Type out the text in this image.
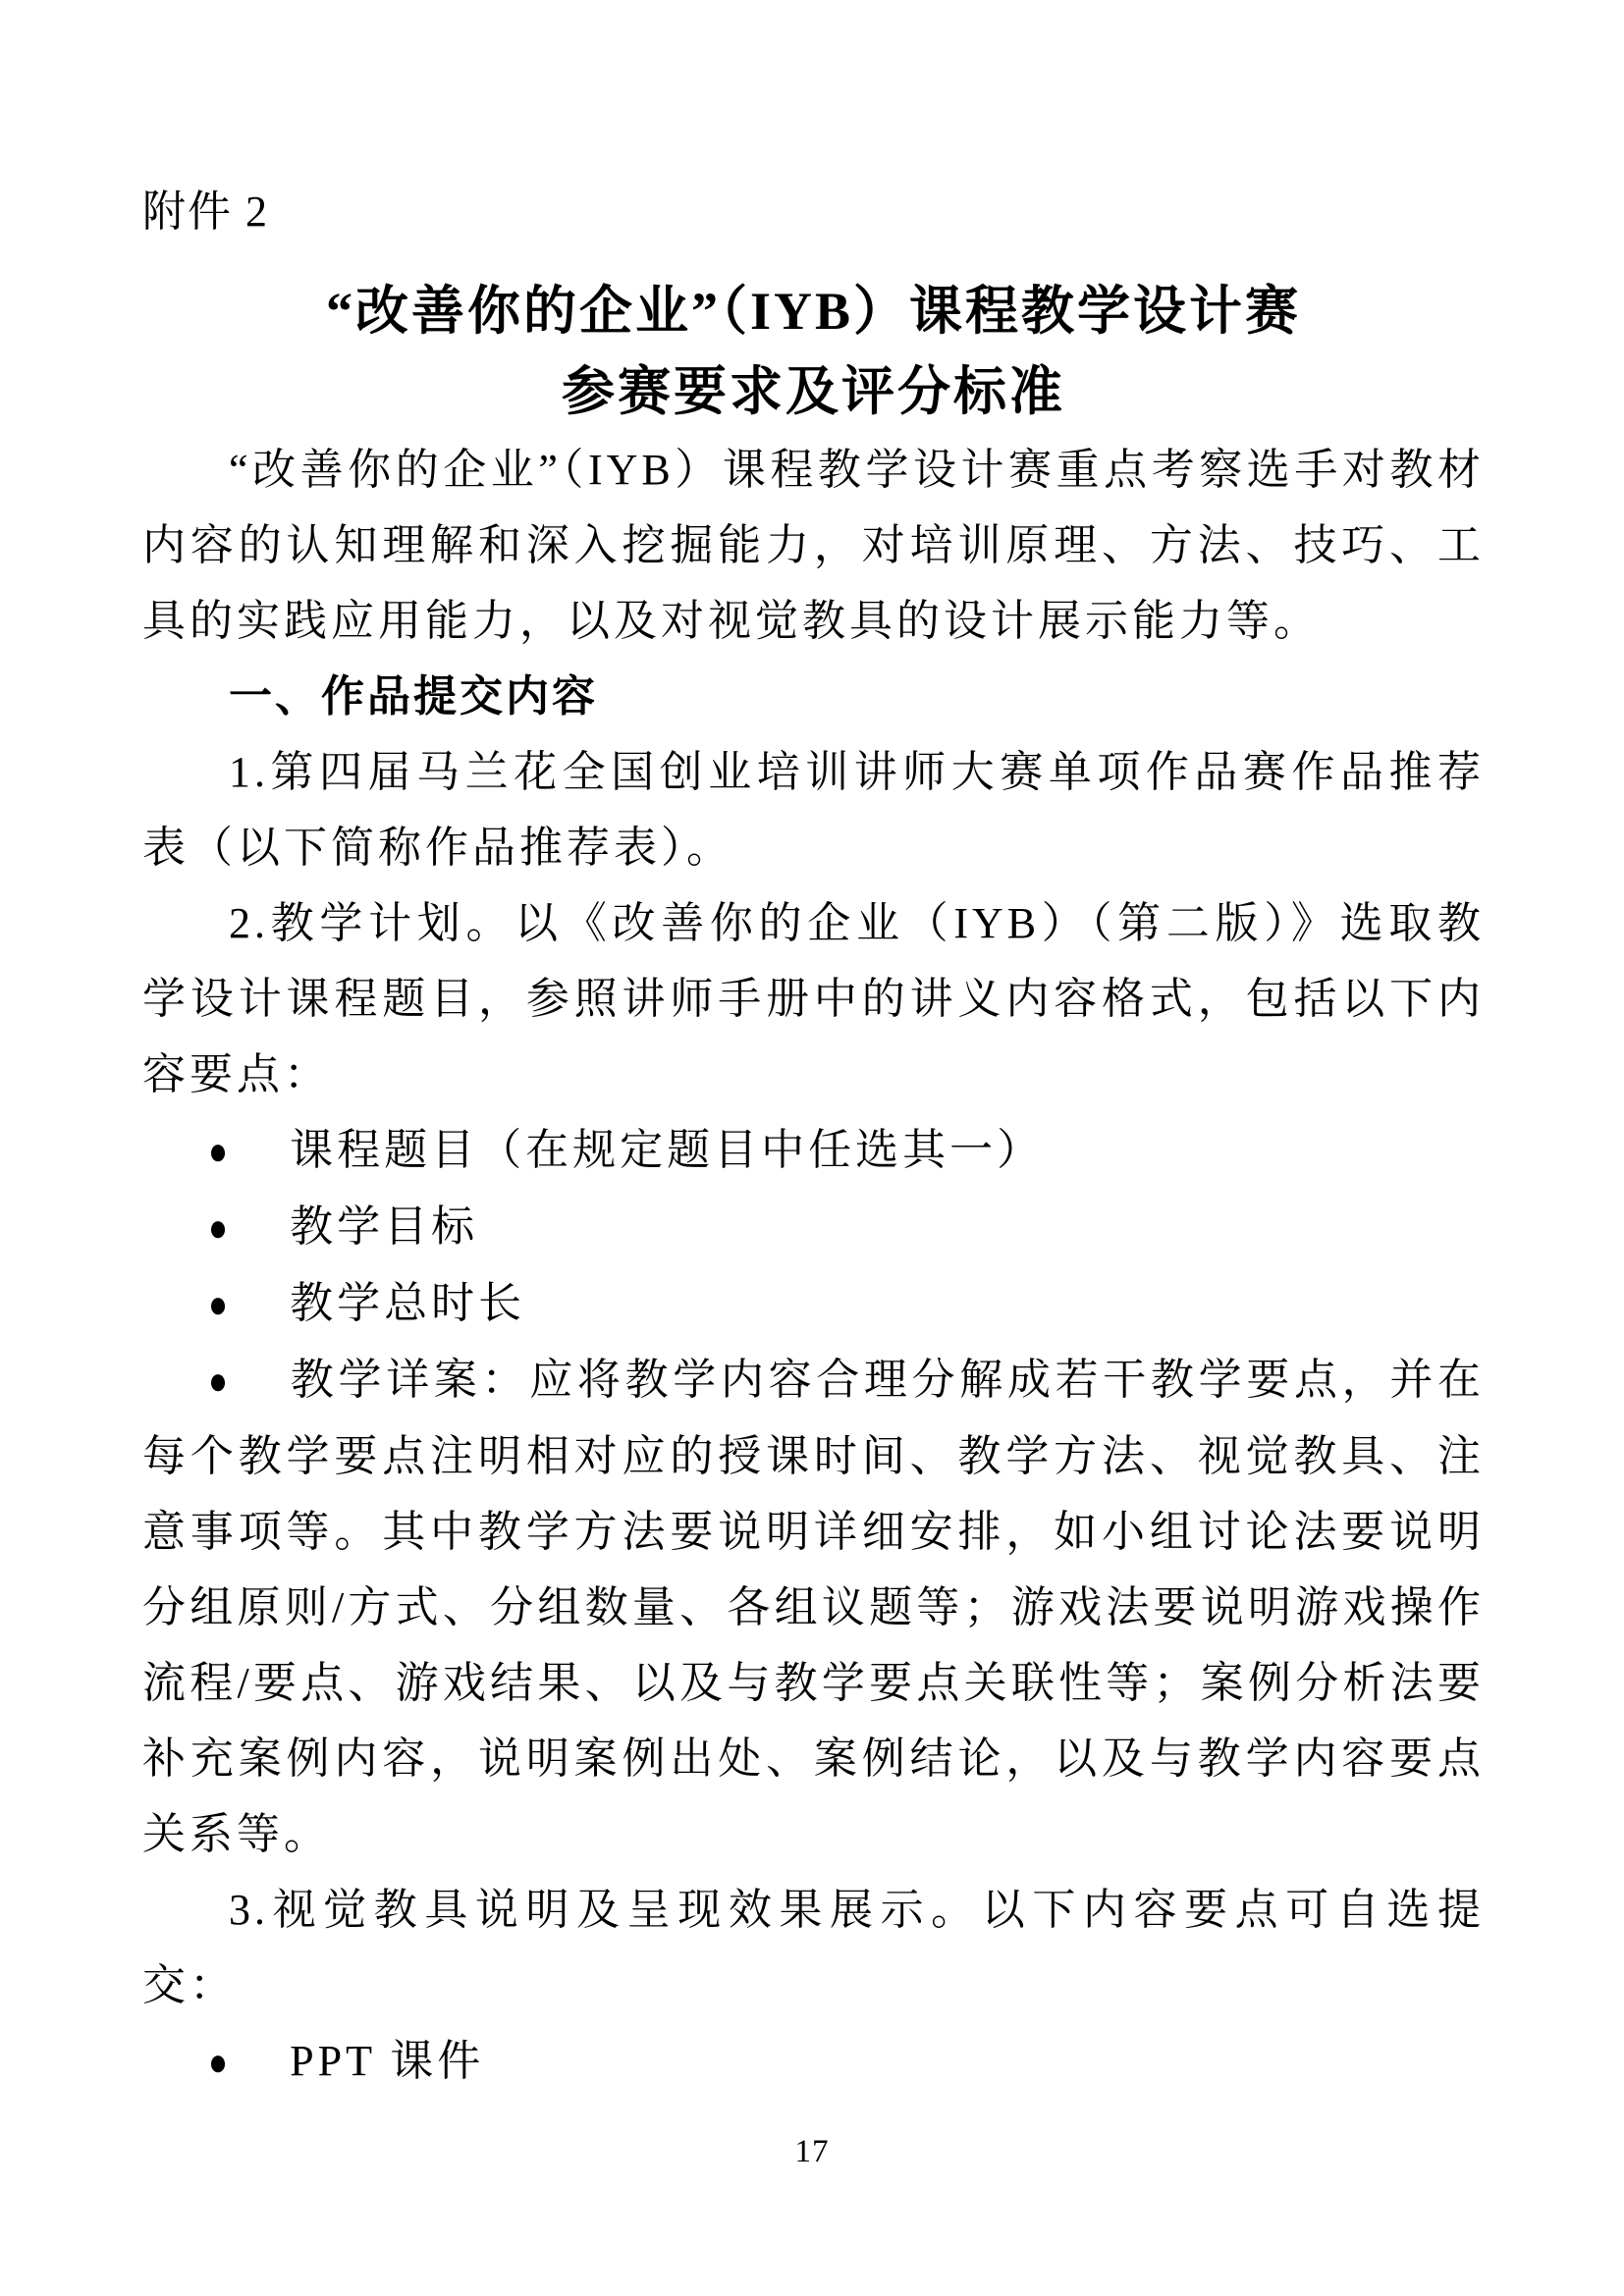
附件 2
“改善你的企业”（IYB）课程教学设计赛
参赛要求及评分标准

“改善你的企业”（IYB）课程教学设计赛重点考察选手对教材内容的认知理解和深入挖掘能力，对培训原理、方法、技巧、工具的实践应用能力，以及对视觉教具的设计展示能力等。

一、作品提交内容

1.第四届马兰花全国创业培训讲师大赛单项作品赛作品推荐表（以下简称作品推荐表）。

2.教学计划。以《改善你的企业（IYB）（第二版）》选取教学设计课程题目，参照讲师手册中的讲义内容格式，包括以下内容要点：

● 课程题目（在规定题目中任选其一）

● 教学目标

● 教学总时长

● 教学详案：应将教学内容合理分解成若干教学要点，并在每个教学要点注明相对应的授课时间、教学方法、视觉教具、注意事项等。其中教学方法要说明详细安排，如小组讨论法要说明分组原则/方式、分组数量、各组议题等；游戏法要说明游戏操作流程/要点、游戏结果、以及与教学要点关联性等；案例分析法要补充案例内容，说明案例出处、案例结论，以及与教学内容要点关系等。

3.视觉教具说明及呈现效果展示。以下内容要点可自选提交：

● PPT 课件

17
